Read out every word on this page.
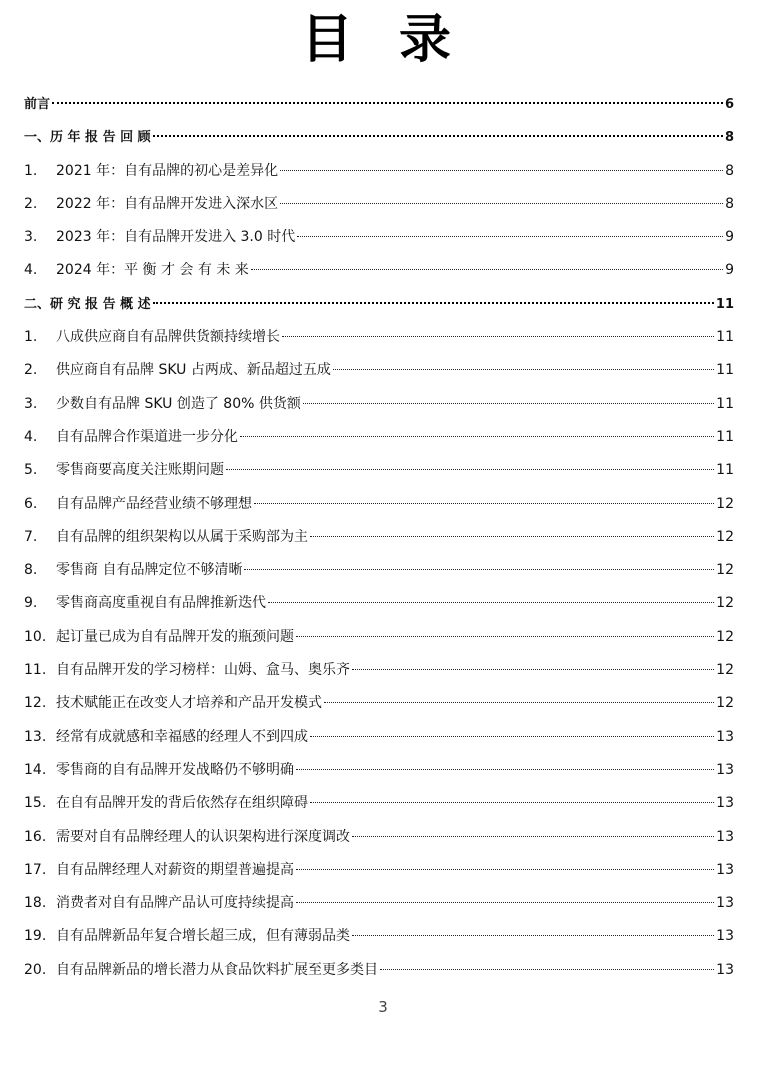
目 录
前言	6
一、历 年 报 告 回 顾	8
1.	2021 年：自有品牌的初心是差异化	8
2.	2022 年：自有品牌开发进入深水区	8
3.	2023 年：自有品牌开发进入 3.0 时代	9
4.	2024 年：平 衡 才 会 有 未 来	9
二、研 究 报 告 概 述	11
1.	八成供应商自有品牌供货额持续增长	11
2.	供应商自有品牌 SKU 占两成、新品超过五成	11
3.	少数自有品牌 SKU 创造了 80% 供货额	11
4.	自有品牌合作渠道进一步分化	11
5.	零售商要高度关注账期问题	11
6.	自有品牌产品经营业绩不够理想	12
7.	自有品牌的组织架构以从属于采购部为主	12
8.	零售商 自有品牌定位不够清晰	12
9.	零售商高度重视自有品牌推新迭代	12
10. 起订量已成为自有品牌开发的瓶颈问题	12
11. 自有品牌开发的学习榜样：山姆、盒马、奥乐齐	12
12. 技术赋能正在改变人才培养和产品开发模式	12
13. 经常有成就感和幸福感的经理人不到四成	13
14. 零售商的自有品牌开发战略仍不够明确	13
15. 在自有品牌开发的背后依然存在组织障碍	13
16. 需要对自有品牌经理人的认识架构进行深度调改	13
17. 自有品牌经理人对薪资的期望普遍提高	13
18. 消费者对自有品牌产品认可度持续提高	13
19. 自有品牌新品年复合增长超三成，但有薄弱品类	13
20. 自有品牌新品的增长潜力从食品饮料扩展至更多类目	13
3
